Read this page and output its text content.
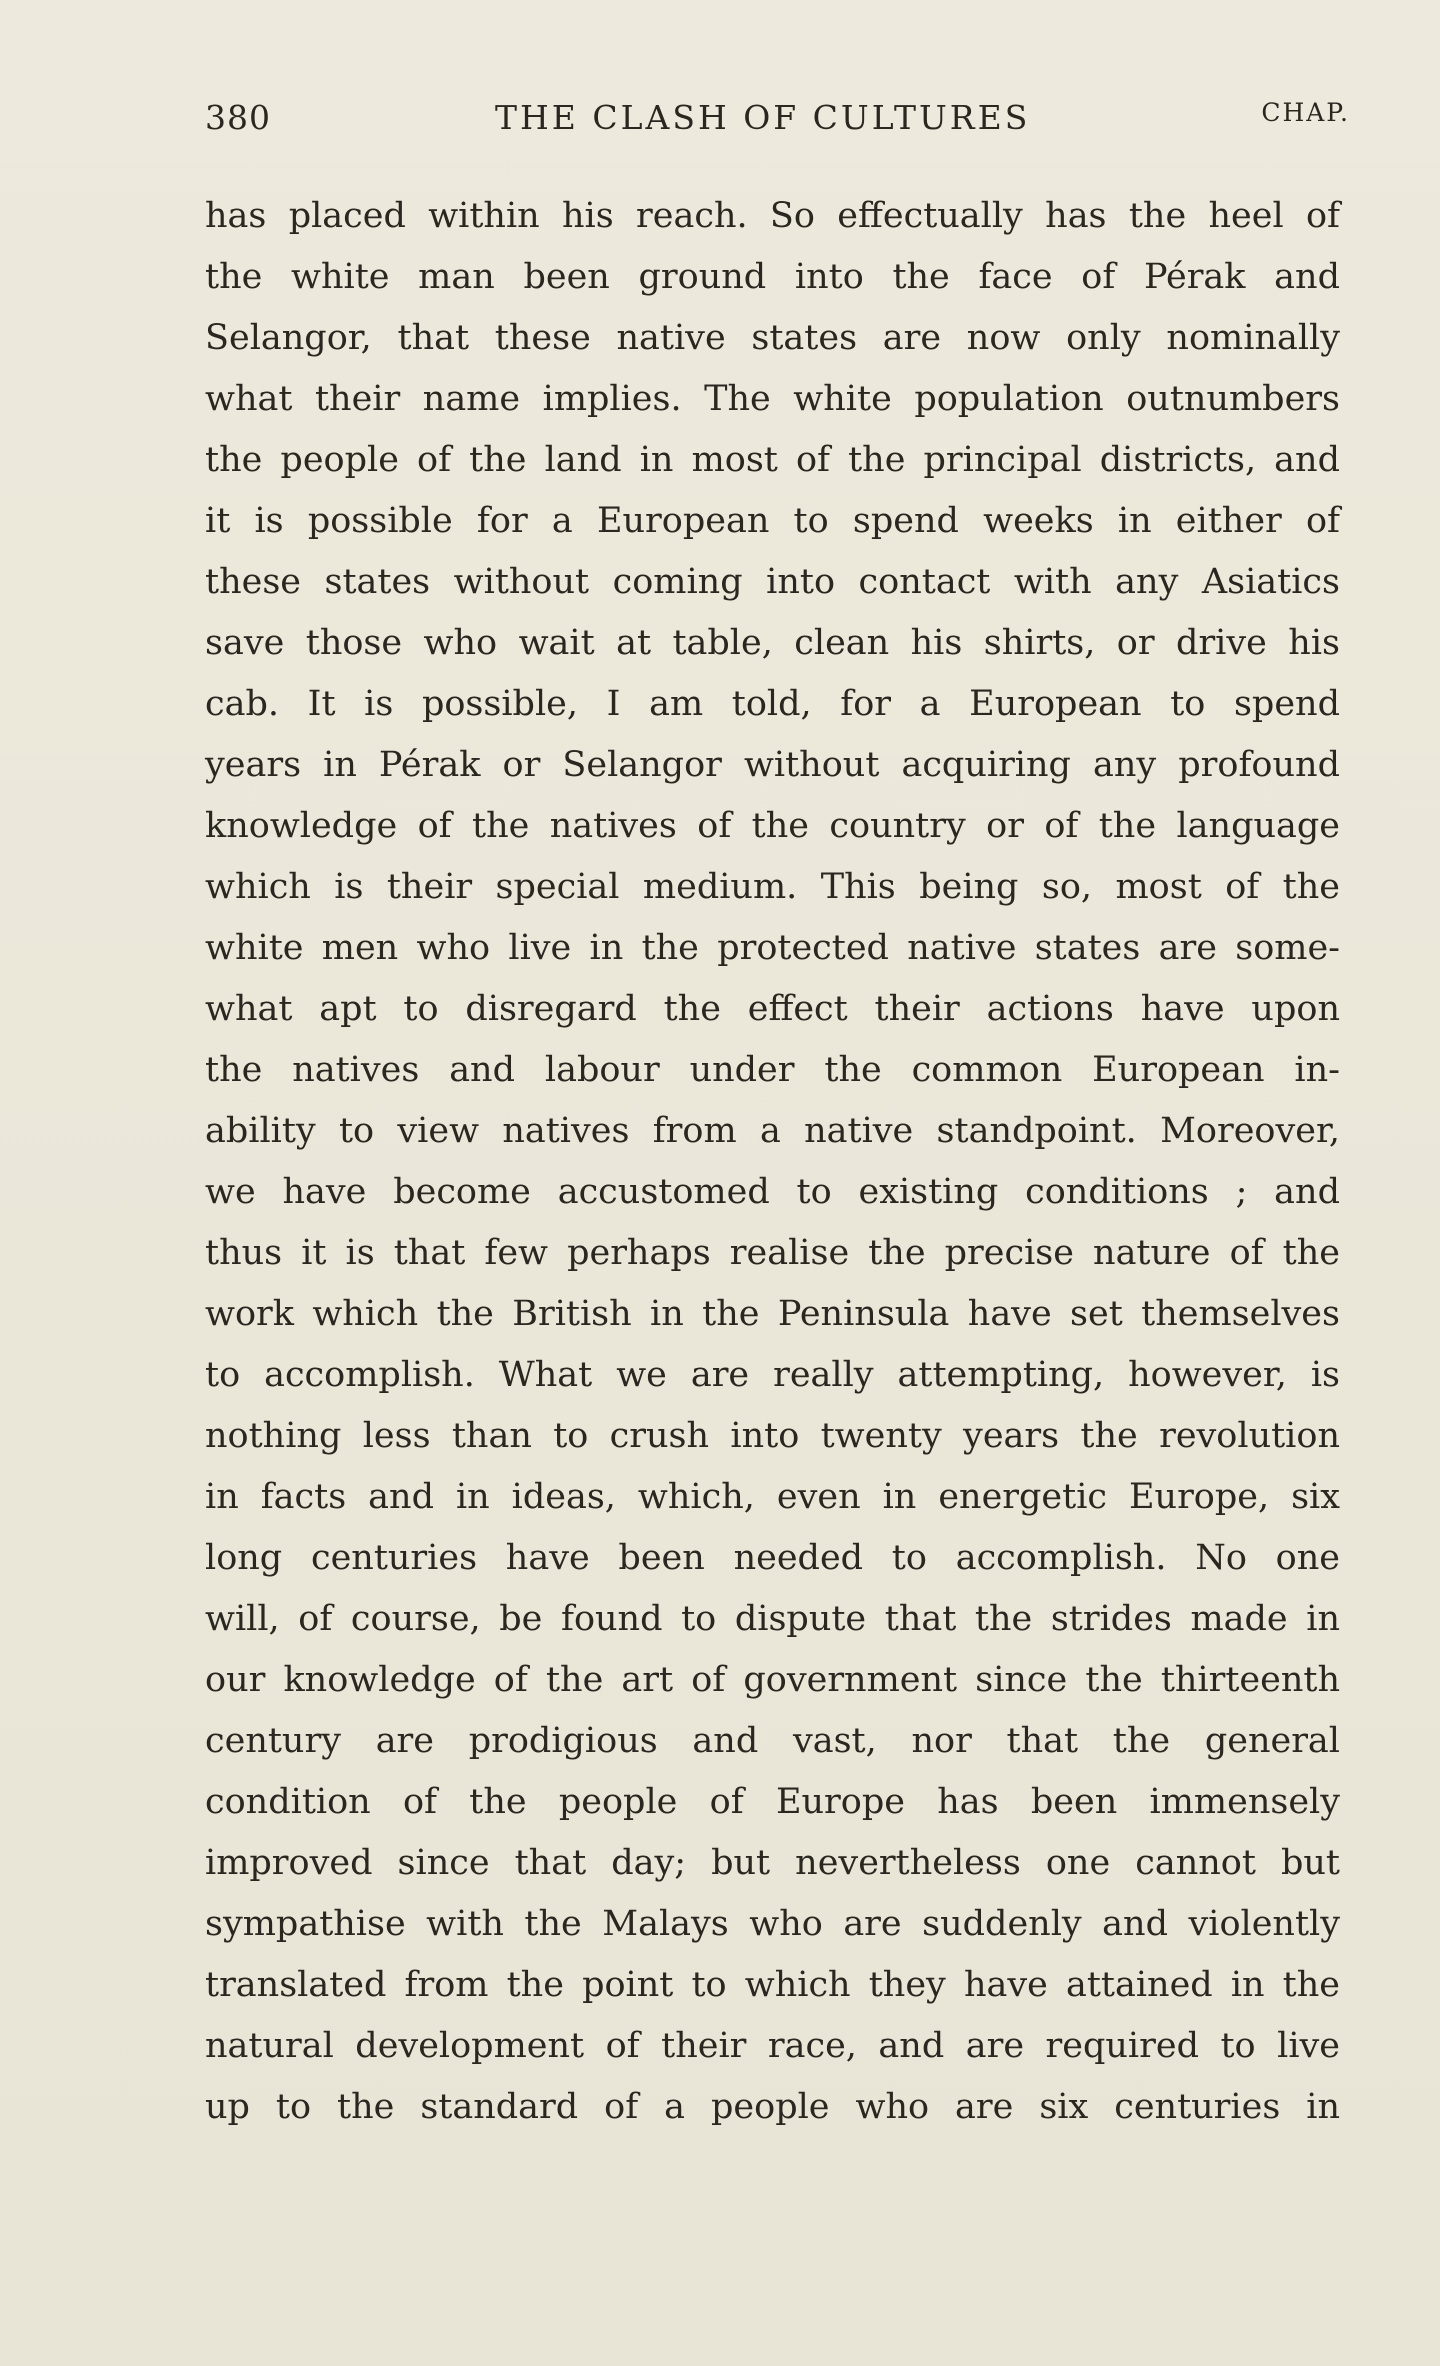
380	THE CLASH OF CULTURES	CHAP.
has placed within his reach. So effectually has the heel of
the white man been ground into the face of Pérak and
Selangor, that these native states are now only nominally
what their name implies. The white population outnumbers
the people of the land in most of the principal districts, and
it is possible for a European to spend weeks in either of
these states without coming into contact with any Asiatics
save those who wait at table, clean his shirts, or drive his
cab. It is possible, I am told, for a European to spend
years in Pérak or Selangor without acquiring any profound
knowledge of the natives of the country or of the language
which is their special medium. This being so, most of the
white men who live in the protected native states are some-
what apt to disregard the effect their actions have upon
the natives and labour under the common European in-
ability to view natives from a native standpoint. Moreover,
we have become accustomed to existing conditions ; and
thus it is that few perhaps realise the precise nature of the
work which the British in the Peninsula have set themselves
to accomplish. What we are really attempting, however, is
nothing less than to crush into twenty years the revolution
in facts and in ideas, which, even in energetic Europe, six
long centuries have been needed to accomplish. No one
will, of course, be found to dispute that the strides made in
our knowledge of the art of government since the thirteenth
century are prodigious and vast, nor that the general
condition of the people of Europe has been immensely
improved since that day; but nevertheless one cannot but
sympathise with the Malays who are suddenly and violently
translated from the point to which they have attained in the
natural development of their race, and are required to live
up to the standard of a people who are six centuries in
